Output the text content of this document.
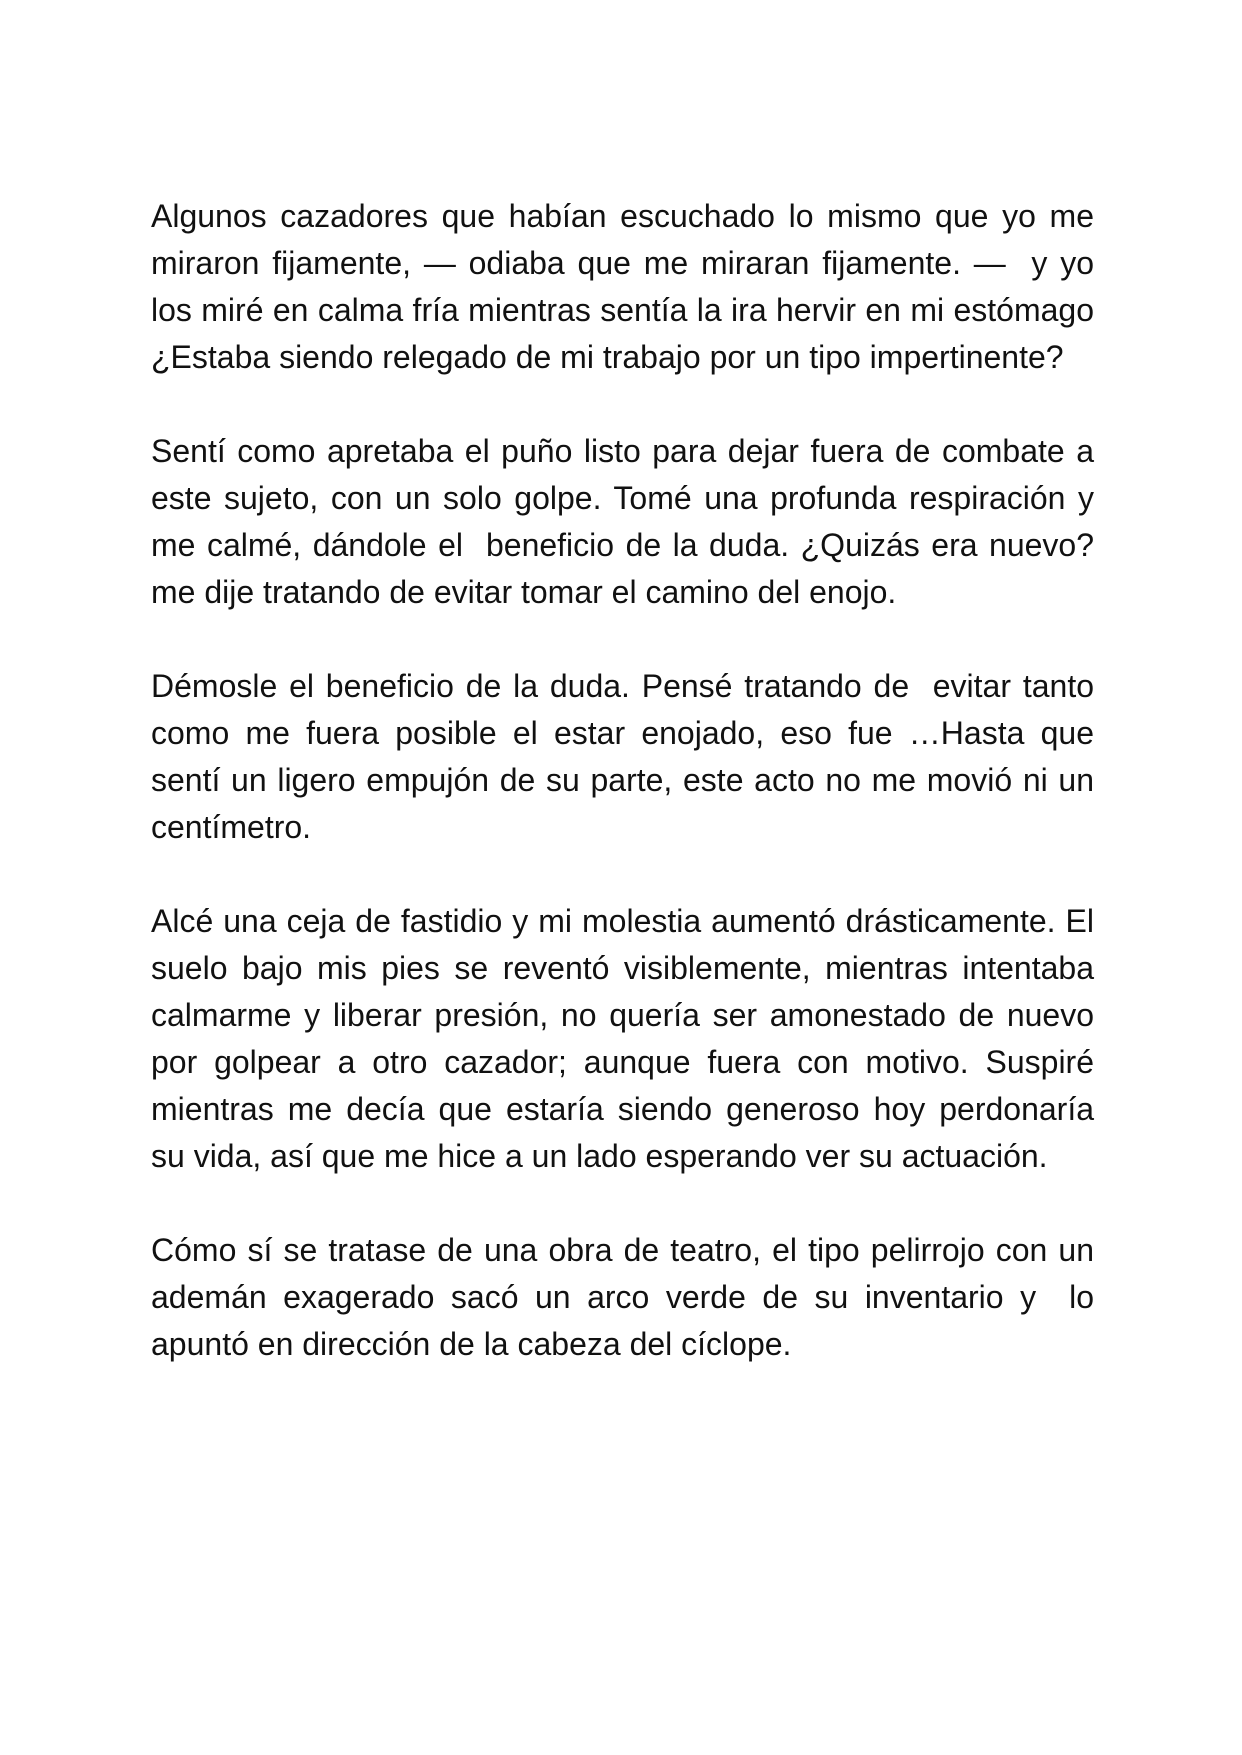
Algunos cazadores que habían escuchado lo mismo que yo me miraron fijamente, — odiaba que me miraran fijamente. —  y yo los miré en calma fría mientras sentía la ira hervir en mi estómago ¿Estaba siendo relegado de mi trabajo por un tipo impertinente?

Sentí como apretaba el puño listo para dejar fuera de combate a este sujeto, con un solo golpe. Tomé una profunda respiración y me calmé, dándole el  beneficio de la duda. ¿Quizás era nuevo? me dije tratando de evitar tomar el camino del enojo.

Démosle el beneficio de la duda. Pensé tratando de  evitar tanto como me fuera posible el estar enojado, eso fue …Hasta que sentí un ligero empujón de su parte, este acto no me movió ni un centímetro.

Alcé una ceja de fastidio y mi molestia aumentó drásticamente. El suelo bajo mis pies se reventó visiblemente, mientras intentaba calmarme y liberar presión, no quería ser amonestado de nuevo por golpear a otro cazador; aunque fuera con motivo. Suspiré mientras me decía que estaría siendo generoso hoy perdonaría su vida, así que me hice a un lado esperando ver su actuación.

Cómo sí se tratase de una obra de teatro, el tipo pelirrojo con un ademán exagerado sacó un arco verde de su inventario y  lo apuntó en dirección de la cabeza del cíclope.
